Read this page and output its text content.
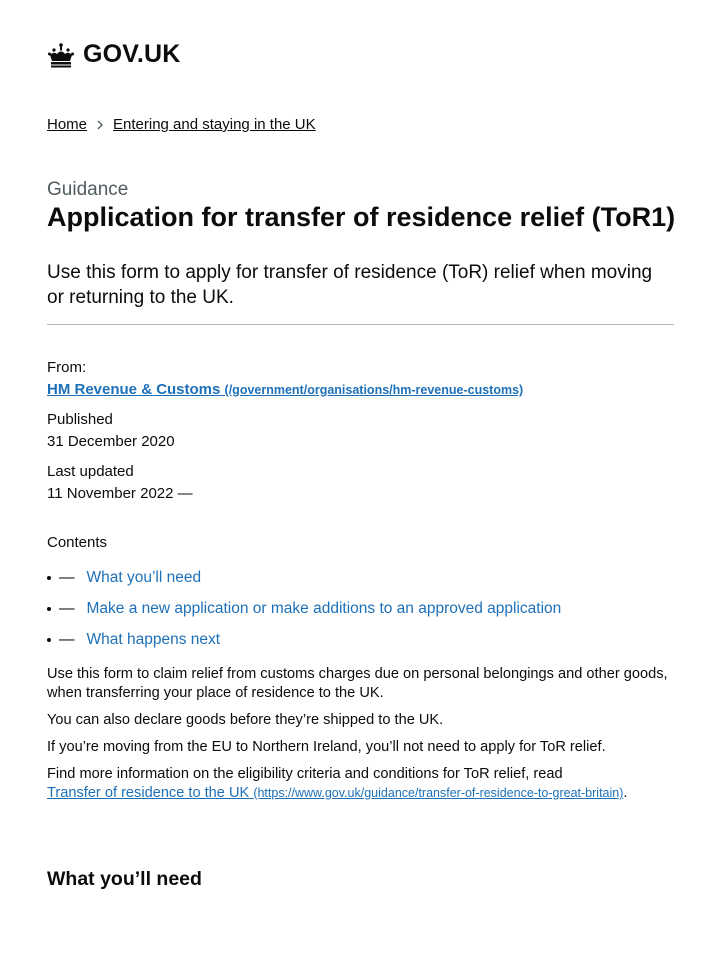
GOV.UK
Home Entering and staying in the UK
Guidance
Application for transfer of residence relief (ToR1)

Use this form to apply for transfer of residence (ToR) relief when moving or returning to the UK.

From:
HM Revenue & Customs (/government/organisations/hm-revenue-customs)
Published
31 December 2020
Last updated
11 November 2022 —
Contents
— What you’ll need
— Make a new application or make additions to an approved application
— What happens next

Use this form to claim relief from customs charges due on personal belongings and other goods, when transferring your place of residence to the UK.

You can also declare goods before they’re shipped to the UK.

If you’re moving from the EU to Northern Ireland, you’ll not need to apply for ToR relief.

Find more information on the eligibility criteria and conditions for ToR relief, read
Transfer of residence to the UK (https://www.gov.uk/guidance/transfer-of-residence-to-great-britain).

What you’ll need
